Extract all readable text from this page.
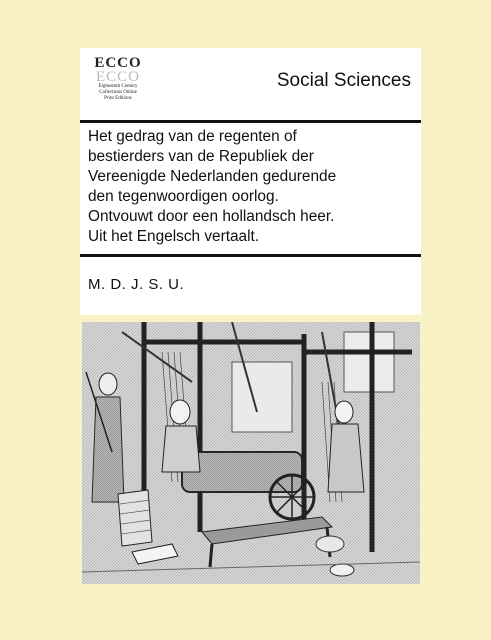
ECCO
ECCO
Eighteenth Century
Collections Online
Print Editions
Social Sciences
Het gedrag van de regenten of
bestierders van de Republiek der
Vereenigde Nederlanden gedurende
den tegenwoordigen oorlog.
Ontvouwt door een hollandsch heer.
Uit het Engelsch vertaalt.
M. D. J. S. U.
